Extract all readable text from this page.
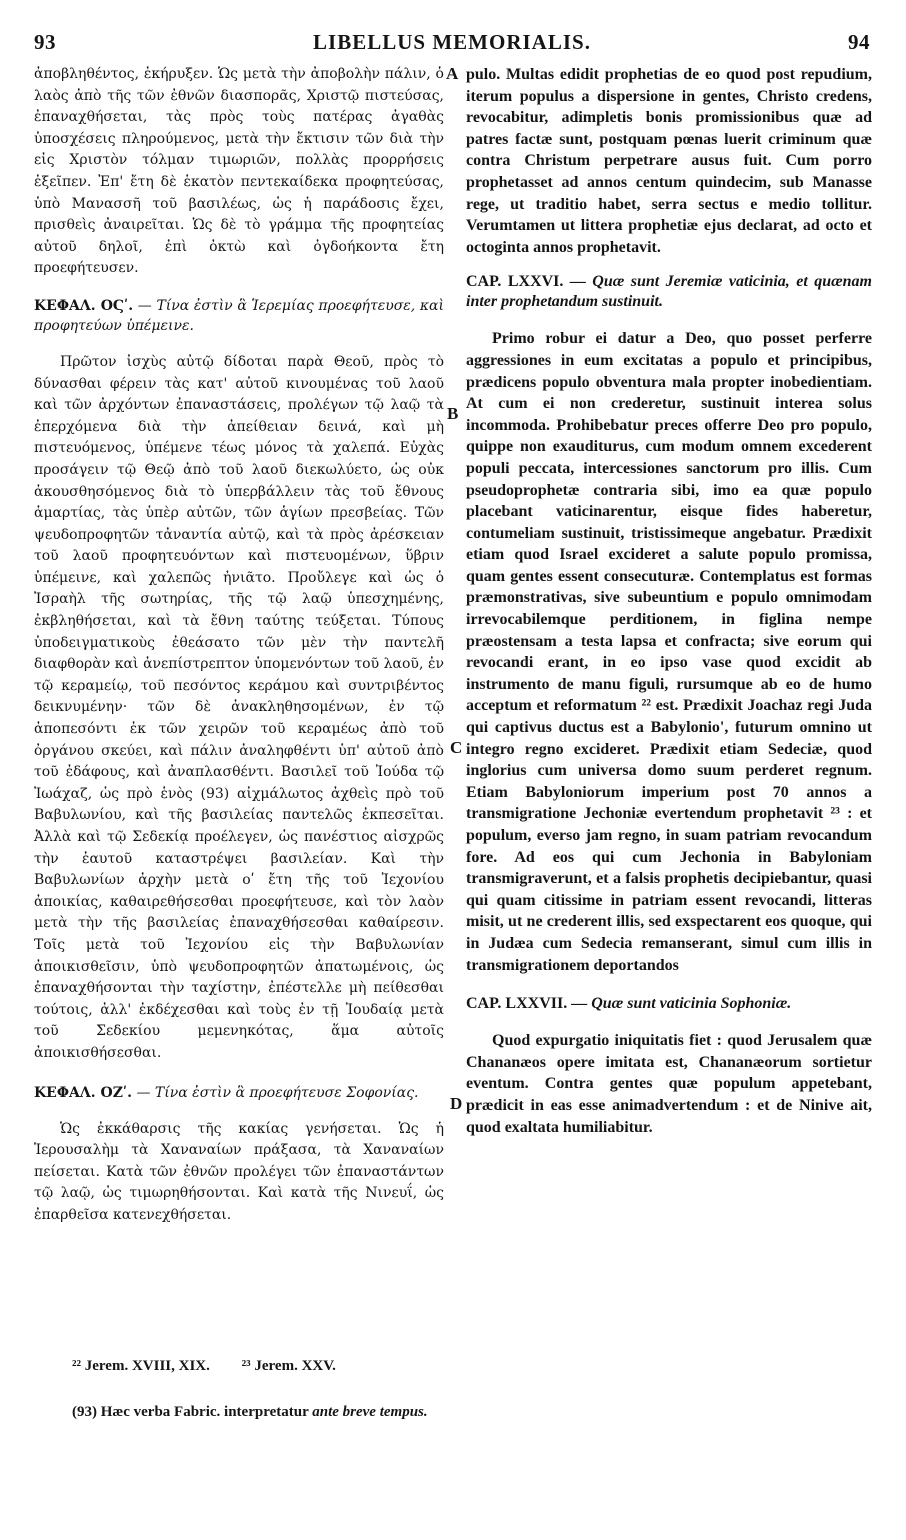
93	LIBELLUS MEMORIALIS.	94

ἀποβληθέντος, ἐκήρυξεν. Ὡς μετὰ τὴν ἀποβολὴν πάλιν, ὁ λαὸς ἀπὸ τῆς τῶν ἐθνῶν διασπορᾶς, Χριστῷ πιστεύσας, ἐπαναχθήσεται, τὰς πρὸς τοὺς πατέρας ἀγαθὰς ὑποσχέσεις πληρούμενος, μετὰ τὴν ἔκτισιν τῶν διὰ τὴν εἰς Χριστὸν τόλμαν τιμωριῶν, πολλὰς προρρήσεις ἐξεῖπεν. Ἐπ' ἔτη δὲ ἑκατὸν πεντεκαίδεκα προφητεύσας, ὑπὸ Μανασσῆ τοῦ βασιλέως, ὡς ἡ παράδοσις ἔχει, πρισθεὶς ἀναιρεῖται. Ὡς δὲ τὸ γράμμα τῆς προφητείας αὐτοῦ δηλοῖ, ἐπὶ ὀκτὼ καὶ ὀγδοήκοντα ἔτη προεφήτευσεν.

ΚΕΦΑΛ. ΟϚʹ. — Τίνα ἐστὶν ἃ Ἱερεμίας προεφήτευσε, καὶ προφητεύων ὑπέμεινε.

Πρῶτον ἰσχὺς αὐτῷ δίδοται παρὰ Θεοῦ, πρὸς τὸ δύνασθαι φέρειν τὰς κατ' αὐτοῦ κινουμένας τοῦ λαοῦ καὶ τῶν ἀρχόντων ἐπαναστάσεις, προλέγων τῷ λαῷ τὰ ἐπερχόμενα διὰ τὴν ἀπείθειαν δεινά, καὶ μὴ πιστευόμενος, ὑπέμενε τέως μόνος τὰ χαλεπά. Εὐχὰς προσάγειν τῷ Θεῷ ἀπὸ τοῦ λαοῦ διεκωλύετο, ὡς οὐκ ἀκουσθησόμενος διὰ τὸ ὑπερβάλλειν τὰς τοῦ ἔθνους ἁμαρτίας, τὰς ὑπὲρ αὐτῶν, τῶν ἁγίων πρεσβείας. Τῶν ψευδοπροφητῶν τἀναντία αὐτῷ, καὶ τὰ πρὸς ἀρέσκειαν τοῦ λαοῦ προφητευόντων καὶ πιστευομένων, ὕβριν ὑπέμεινε, καὶ χαλεπῶς ἠνιᾶτο. Προὔλεγε καὶ ὡς ὁ Ἰσραὴλ τῆς σωτηρίας, τῆς τῷ λαῷ ὑπεσχημένης, ἐκβληθήσεται, καὶ τὰ ἔθνη ταύτης τεύξεται. Τύπους ὑποδειγματικοὺς ἐθεάσατο τῶν μὲν τὴν παντελῆ διαφθορὰν καὶ ἀνεπίστρεπτον ὑπομενόντων τοῦ λαοῦ, ἐν τῷ κεραμείῳ, τοῦ πεσόντος κεράμου καὶ συντριβέντος δεικνυμένην· τῶν δὲ ἀνακληθησομένων, ἐν τῷ ἀποπεσόντι ἐκ τῶν χειρῶν τοῦ κεραμέως ἀπὸ τοῦ ὀργάνου σκεύει, καὶ πάλιν ἀναληφθέντι ὑπ' αὐτοῦ ἀπὸ τοῦ ἐδάφους, καὶ ἀναπλασθέντι. Βασιλεῖ τοῦ Ἰούδα τῷ Ἰωάχαζ, ὡς πρὸ ἑνὸς (93) αἰχμάλωτος ἀχθεὶς πρὸ τοῦ Βαβυλωνίου, καὶ τῆς βασιλείας παντελῶς ἐκπεσεῖται. Ἀλλὰ καὶ τῷ Σεδεκίᾳ προέλεγεν, ὡς πανέστιος αἰσχρῶς τὴν ἑαυτοῦ καταστρέψει βασιλείαν. Καὶ τὴν Βαβυλωνίων ἀρχὴν μετὰ οʹ ἔτη τῆς τοῦ Ἰεχονίου ἀποικίας, καθαιρεθήσεσθαι προεφήτευσε, καὶ τὸν λαὸν μετὰ τὴν τῆς βασιλείας ἐπαναχθήσεσθαι καθαίρεσιν. Τοῖς μετὰ τοῦ Ἰεχονίου εἰς τὴν Βαβυλωνίαν ἀποικισθεῖσιν, ὑπὸ ψευδοπροφητῶν ἀπατωμένοις, ὡς ἐπαναχθήσονται τὴν ταχίστην, ἐπέστελλε μὴ πείθεσθαι τούτοις, ἀλλ' ἐκδέχεσθαι καὶ τοὺς ἐν τῇ Ἰουδαίᾳ μετὰ τοῦ Σεδεκίου μεμενηκότας, ἅμα αὐτοῖς ἀποικισθήσεσθαι.

ΚΕΦΑΛ. ΟΖʹ. — Τίνα ἐστὶν ἃ προεφήτευσε Σοφονίας.

Ὡς ἐκκάθαρσις τῆς κακίας γενήσεται. Ὡς ἡ Ἱερουσαλὴμ τὰ Χαναναίων πράξασα, τὰ Χαναναίων πείσεται. Κατὰ τῶν ἐθνῶν προλέγει τῶν ἐπαναστάντων τῷ λαῷ, ὡς τιμωρηθήσονται. Καὶ κατὰ τῆς Νινευΐ, ὡς ἐπαρθεῖσα κατενεχθήσεται.

pulo. Multas edidit prophetias de eo quod post repudium, iterum populus a dispersione in gentes, Christo credens, revocabitur, adimpletis bonis promissionibus quæ ad patres factæ sunt, postquam pœnas luerit criminum quæ contra Christum perpetrare ausus fuit. Cum porro prophetasset ad annos centum quindecim, sub Manasse rege, ut traditio habet, serra sectus e medio tollitur. Verumtamen ut littera prophetiæ ejus declarat, ad octo et octoginta annos prophetavit.

CAP. LXXVI. — Quæ sunt Jeremiæ vaticinia, et quænam inter prophetandum sustinuit.

Primo robur ei datur a Deo, quo posset perferre aggressiones in eum excitatas a populo et principibus, prædicens populo obventura mala propter inobedientiam. At cum ei non crederetur, sustinuit interea solus incommoda. Prohibebatur preces offerre Deo pro populo, quippe non exauditurus, cum modum omnem excederent populi peccata, intercessiones sanctorum pro illis. Cum pseudoprophetæ contraria sibi, imo ea quæ populo placebant vaticinarentur, eisque fides haberetur, contumeliam sustinuit, tristissimeque angebatur. Prædixit etiam quod Israel excideret a salute populo promissa, quam gentes essent consecuturæ. Contemplatus est formas præmonstrativas, sive subeuntium e populo omnimodam irrevocabilemque perditionem, in figlina nempe præostensam a testa lapsa et confracta; sive eorum qui revocandi erant, in eo ipso vase quod excidit ab instrumento de manu figuli, rursumque ab eo de humo acceptum et reformatum ²² est. Prædixit Joachaz regi Juda qui captivus ductus est a Babylonio', futurum omnino ut integro regno excideret. Prædixit etiam Sedeciæ, quod inglorius cum universa domo suum perderet regnum. Etiam Babyloniorum imperium post 70 annos a transmigratione Jechoniæ evertendum prophetavit ²³ : et populum, everso jam regno, in suam patriam revocandum fore. Ad eos qui cum Jechonia in Babyloniam transmigraverunt, et a falsis prophetis decipiebantur, quasi qui quam citissime in patriam essent revocandi, litteras misit, ut ne crederent illis, sed exspectarent eos quoque, qui in Judæa cum Sedecia remanserant, simul cum illis in transmigrationem deportandos

CAP. LXXVII. — Quæ sunt vaticinia Sophoniæ.

Quod expurgatio iniquitatis fiet : quod Jerusalem quæ Chananæos opere imitata est, Chananæorum sortietur eventum. Contra gentes quæ populum appetebant, prædicit in eas esse animadvertendum : et de Ninive ait, quod exaltata humiliabitur.

A
B
C
D
²² Jerem. XVIII, XIX. ²³ Jerem. XXV.
(93) Hæc verba Fabric. interpretatur ante breve tempus.
